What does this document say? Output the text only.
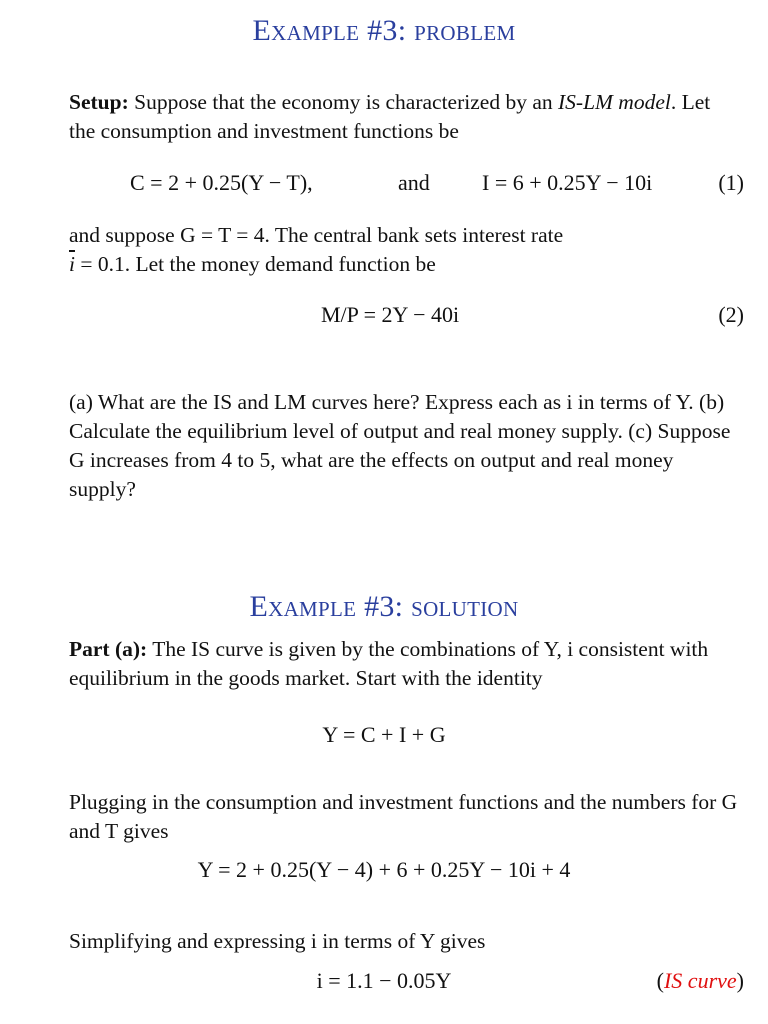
Example #3: problem
Setup: Suppose that the economy is characterized by an IS-LM model. Let the consumption and investment functions be
C = 2 + 0.25(Y − T),	and I = 6 + 0.25Y − 10i	(1)
and suppose G = T = 4. The central bank sets interest rate
$\overline{i} = 0.1$. Let the money demand function be
M/P = 2Y − 40i	(2)
(a) What are the IS and LM curves here? Express each as i in terms of Y. (b) Calculate the equilibrium level of output and real money supply. (c) Suppose G increases from 4 to 5, what are the effects on output and real money supply?
Example #3: solution
Part (a): The IS curve is given by the combinations of Y, i consistent with equilibrium in the goods market. Start with the identity
Y = C + I + G
Plugging in the consumption and investment functions and the numbers for G and T gives
Y = 2 + 0.25(Y − 4) + 6 + 0.25Y − 10i + 4
Simplifying and expressing i in terms of Y gives
i = 1.1 − 0.05Y	(IS curve)
